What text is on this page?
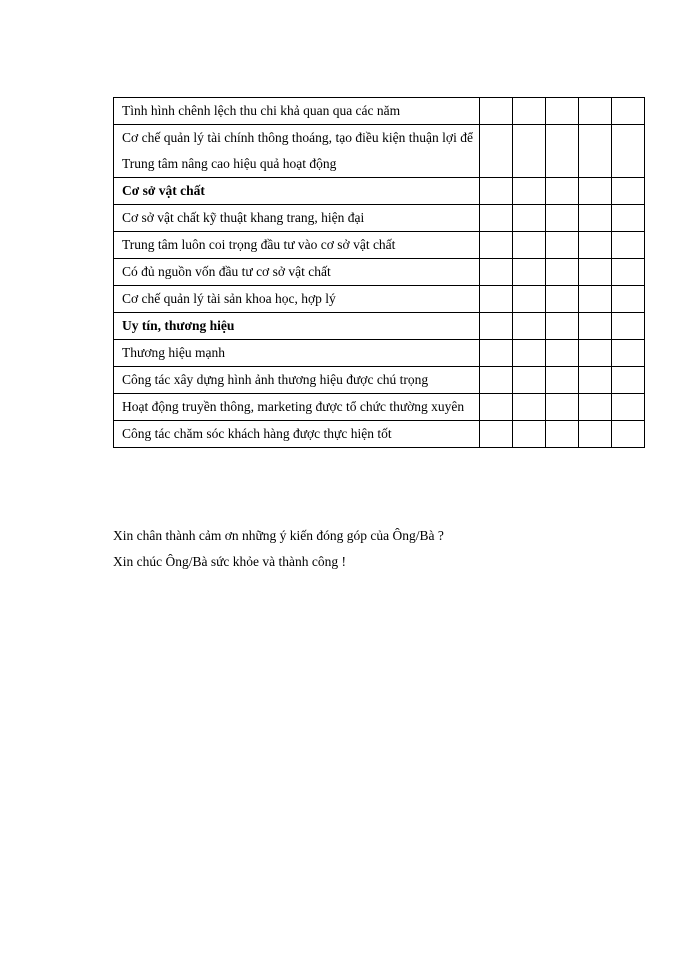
Tình hình chênh lệch thu chi khả quan qua các năm					
Cơ chế quản lý tài chính thông thoáng, tạo điều kiện thuận lợi để Trung tâm nâng cao hiệu quả hoạt động					
Cơ sở vật chất					
Cơ sở vật chất kỹ thuật khang trang, hiện đại					
Trung tâm luôn coi trọng đầu tư vào cơ sở vật chất					
Có đủ nguồn vốn đầu tư cơ sở vật chất					
Cơ chế quản lý tài sản khoa học, hợp lý					
Uy tín, thương hiệu					
Thương hiệu mạnh					
Công tác xây dựng hình ảnh thương hiệu được chú trọng					
Hoạt động truyền thông, marketing được tổ chức thường xuyên					
Công tác chăm sóc khách hàng được thực hiện tốt					
Xin chân thành cảm ơn những ý kiến đóng góp của Ông/Bà ?
Xin chúc Ông/Bà sức khỏe và thành công !
